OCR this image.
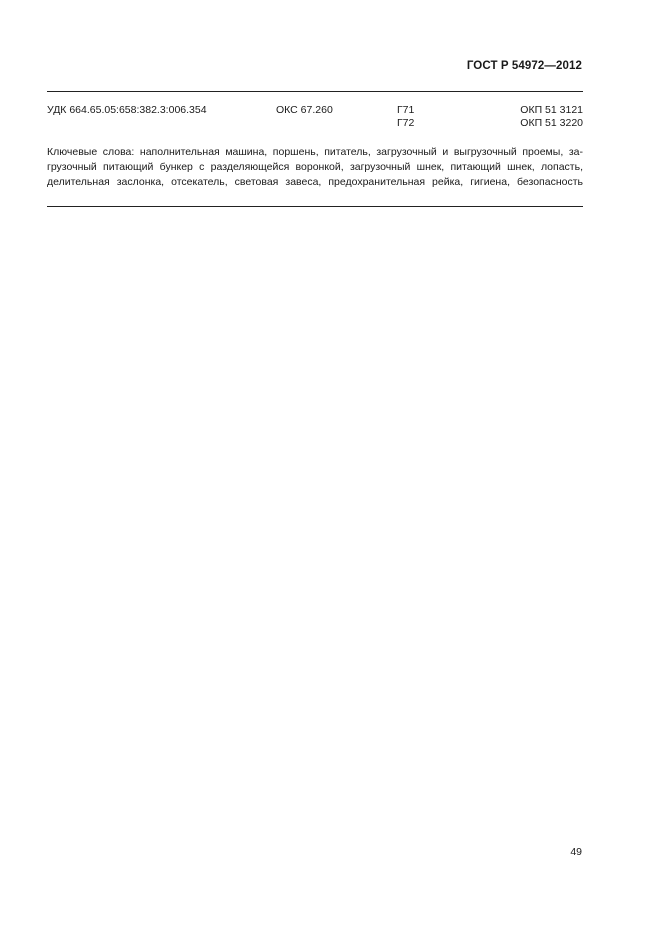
ГОСТ Р 54972—2012
УДК 664.65.05:658:382.3:006.354	ОКС 67.260	Г71
Г72
ОКП 51 3121
ОКП 51 3220

Ключевые слова: наполнительная машина, поршень, питатель, загрузочный и выгрузочный проемы, за-
грузочный питающий бункер с разделяющейся воронкой, загрузочный шнек, питающий шнек, лопасть,
делительная заслонка, отсекатель, световая завеса, предохранительная рейка, гигиена, безопасность

49
